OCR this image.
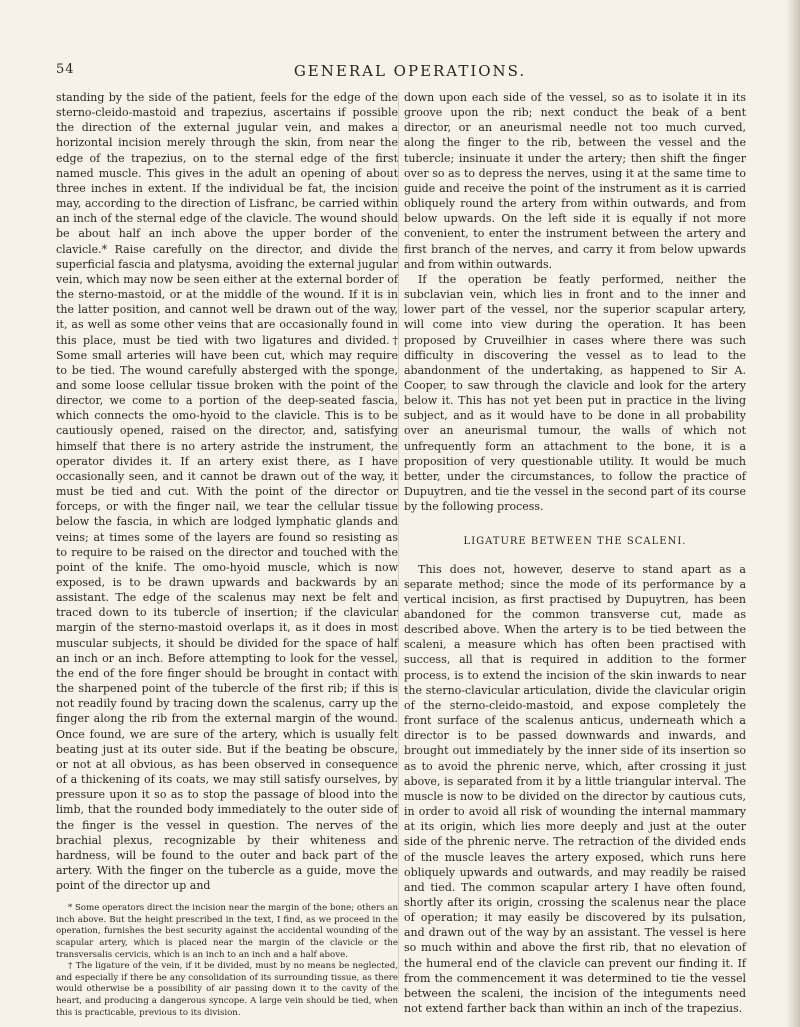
54	GENERAL OPERATIONS.

standing by the side of the patient, feels for the edge of the sterno-cleido-mastoid and trapezius, ascertains if possible the direction of the external jugular vein, and makes a horizontal incision merely through the skin, from near the edge of the trapezius, on to the sternal edge of the first named muscle. This gives in the adult an opening of about three inches in extent. If the individual be fat, the incision may, according to the direction of Lisfranc, be carried within an inch of the sternal edge of the clavicle. The wound should be about half an inch above the upper border of the clavicle.* Raise carefully on the director, and divide the superficial fascia and platysma, avoiding the external jugular vein, which may now be seen either at the external border of the sterno-mastoid, or at the middle of the wound. If it is in the latter position, and cannot well be drawn out of the way, it, as well as some other veins that are occasionally found in this place, must be tied with two ligatures and divided.† Some small arteries will have been cut, which may require to be tied. The wound carefully absterged with the sponge, and some loose cellular tissue broken with the point of the director, we come to a portion of the deep-seated fascia, which connects the omo-hyoid to the clavicle. This is to be cautiously opened, raised on the director, and, satisfying himself that there is no artery astride the instrument, the operator divides it. If an artery exist there, as I have occasionally seen, and it cannot be drawn out of the way, it must be tied and cut. With the point of the director or forceps, or with the finger nail, we tear the cellular tissue below the fascia, in which are lodged lymphatic glands and veins; at times some of the layers are found so resisting as to require to be raised on the director and touched with the point of the knife. The omo-hyoid muscle, which is now exposed, is to be drawn upwards and backwards by an assistant. The edge of the scalenus may next be felt and traced down to its tubercle of insertion; if the clavicular margin of the sterno-mastoid overlaps it, as it does in most muscular subjects, it should be divided for the space of half an inch or an inch. Before attempting to look for the vessel, the end of the fore finger should be brought in contact with the sharpened point of the tubercle of the first rib; if this is not readily found by tracing down the scalenus, carry up the finger along the rib from the external margin of the wound. Once found, we are sure of the artery, which is usually felt beating just at its outer side. But if the beating be obscure, or not at all obvious, as has been observed in consequence of a thickening of its coats, we may still satisfy ourselves, by pressure upon it so as to stop the passage of blood into the limb, that the rounded body immediately to the outer side of the finger is the vessel in question. The nerves of the brachial plexus, recognizable by their whiteness and hardness, will be found to the outer and back part of the artery. With the finger on the tubercle as a guide, move the point of the director up and

* Some operators direct the incision near the margin of the bone; others an inch above. But the height prescribed in the text, I find, as we proceed in the operation, furnishes the best security against the accidental wounding of the scapular artery, which is placed near the margin of the clavicle or the transversalis cervicis, which is an inch to an inch and a half above.

† The ligature of the vein, if it be divided, must by no means be neglected, and especially if there be any consolidation of its surrounding tissue, as there would otherwise be a possibility of air passing down it to the cavity of the heart, and producing a dangerous syncope. A large vein should be tied, when this is practicable, previous to its division.

down upon each side of the vessel, so as to isolate it in its groove upon the rib; next conduct the beak of a bent director, or an aneurismal needle not too much curved, along the finger to the rib, between the vessel and the tubercle; insinuate it under the artery; then shift the finger over so as to depress the nerves, using it at the same time to guide and receive the point of the instrument as it is carried obliquely round the artery from within outwards, and from below upwards. On the left side it is equally if not more convenient, to enter the instrument between the artery and first branch of the nerves, and carry it from below upwards and from within outwards.

If the operation be featly performed, neither the subclavian vein, which lies in front and to the inner and lower part of the vessel, nor the superior scapular artery, will come into view during the operation. It has been proposed by Cruveilhier in cases where there was such difficulty in discovering the vessel as to lead to the abandonment of the undertaking, as happened to Sir A. Cooper, to saw through the clavicle and look for the artery below it. This has not yet been put in practice in the living subject, and as it would have to be done in all probability over an aneurismal tumour, the walls of which not unfrequently form an attachment to the bone, it is a proposition of very questionable utility. It would be much better, under the circumstances, to follow the practice of Dupuytren, and tie the vessel in the second part of its course by the following process.

LIGATURE BETWEEN THE SCALENI.

This does not, however, deserve to stand apart as a separate method; since the mode of its performance by a vertical incision, as first practised by Dupuytren, has been abandoned for the common transverse cut, made as described above. When the artery is to be tied between the scaleni, a measure which has often been practised with success, all that is required in addition to the former process, is to extend the incision of the skin inwards to near the sterno-clavicular articulation, divide the clavicular origin of the sterno-cleido-mastoid, and expose completely the front surface of the scalenus anticus, underneath which a director is to be passed downwards and inwards, and brought out immediately by the inner side of its insertion so as to avoid the phrenic nerve, which, after crossing it just above, is separated from it by a little triangular interval. The muscle is now to be divided on the director by cautious cuts, in order to avoid all risk of wounding the internal mammary at its origin, which lies more deeply and just at the outer side of the phrenic nerve. The retraction of the divided ends of the muscle leaves the artery exposed, which runs here obliquely upwards and outwards, and may readily be raised and tied. The common scapular artery I have often found, shortly after its origin, crossing the scalenus near the place of operation; it may easily be discovered by its pulsation, and drawn out of the way by an assistant. The vessel is here so much within and above the first rib, that no elevation of the humeral end of the clavicle can prevent our finding it. If from the commencement it was determined to tie the vessel between the scaleni, the incision of the integuments need not extend farther back than within an inch of the trapezius.
